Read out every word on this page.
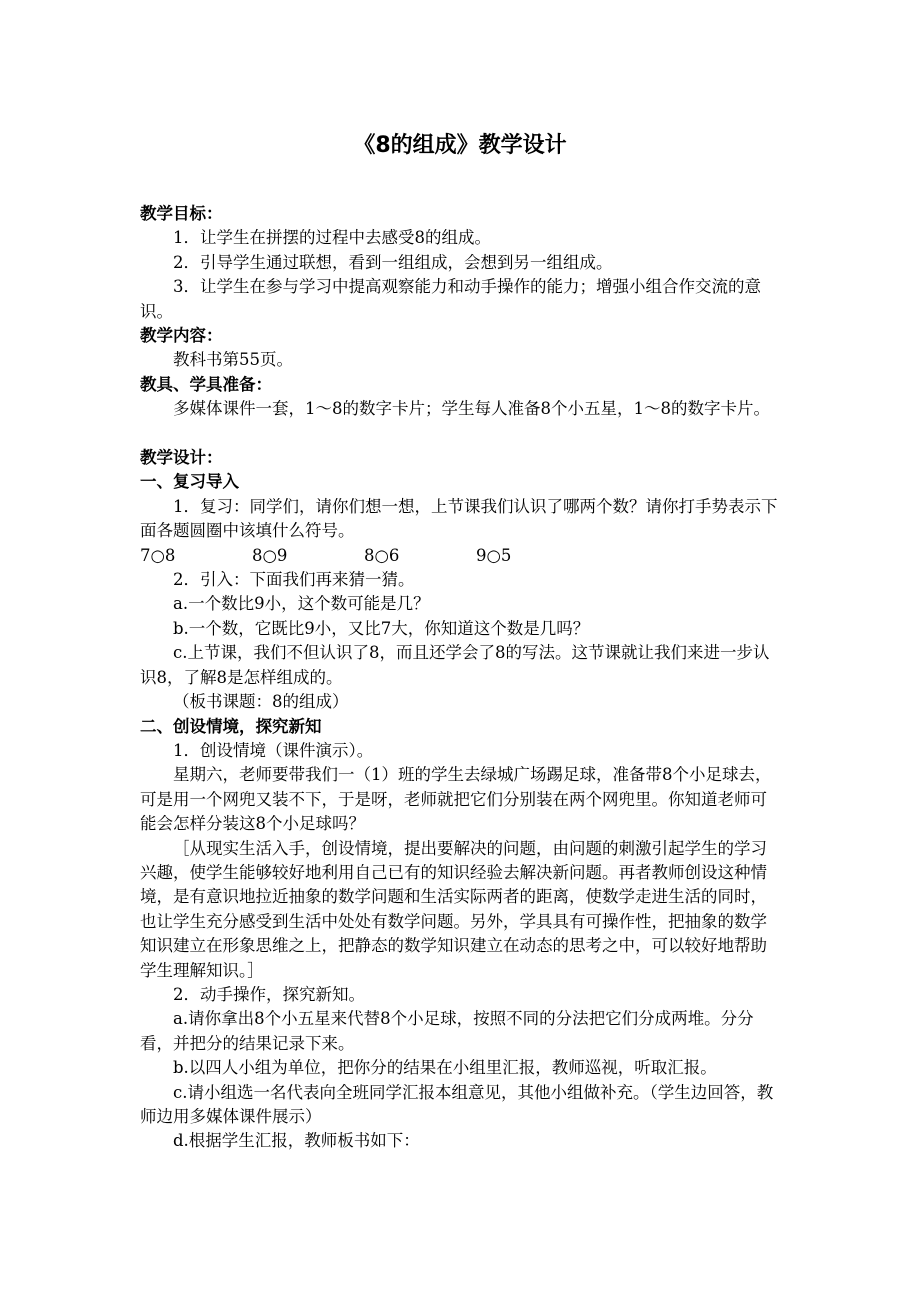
《8的组成》教学设计

教学目标：

1．让学生在拼摆的过程中去感受8的组成。

2．引导学生通过联想，看到一组组成，会想到另一组组成。

3．让学生在参与学习中提高观察能力和动手操作的能力；增强小组合作交流的意识。

教学内容：

教科书第55页。

教具、学具准备：

多媒体课件一套，1～8的数字卡片；学生每人准备8个小五星，1～8的数字卡片。

教学设计：

一、复习导入

1．复习：同学们，请你们想一想，上节课我们认识了哪两个数？请你打手势表示下面各题圆圈中该填什么符号。

7○8	8○9	8○6	9○5

2．引入：下面我们再来猜一猜。

a.一个数比9小，这个数可能是几？

b.一个数，它既比9小，又比7大，你知道这个数是几吗？

c.上节课，我们不但认识了8，而且还学会了8的写法。这节课就让我们来进一步认识8，了解8是怎样组成的。

（板书课题：8的组成）

二、创设情境，探究新知

1．创设情境（课件演示）。

星期六，老师要带我们一（1）班的学生去绿城广场踢足球，准备带8个小足球去，可是用一个网兜又装不下，于是呀，老师就把它们分别装在两个网兜里。你知道老师可能会怎样分装这8个小足球吗？

［从现实生活入手，创设情境，提出要解决的问题，由问题的刺激引起学生的学习兴趣，使学生能够较好地利用自己已有的知识经验去解决新问题。再者教师创设这种情境，是有意识地拉近抽象的数学问题和生活实际两者的距离，使数学走进生活的同时，也让学生充分感受到生活中处处有数学问题。另外，学具具有可操作性，把抽象的数学知识建立在形象思维之上，把静态的数学知识建立在动态的思考之中，可以较好地帮助学生理解知识。］

2．动手操作，探究新知。

a.请你拿出8个小五星来代替8个小足球，按照不同的分法把它们分成两堆。分分看，并把分的结果记录下来。

b.以四人小组为单位，把你分的结果在小组里汇报，教师巡视，听取汇报。

c.请小组选一名代表向全班同学汇报本组意见，其他小组做补充。（学生边回答，教师边用多媒体课件展示）

d.根据学生汇报，教师板书如下：
